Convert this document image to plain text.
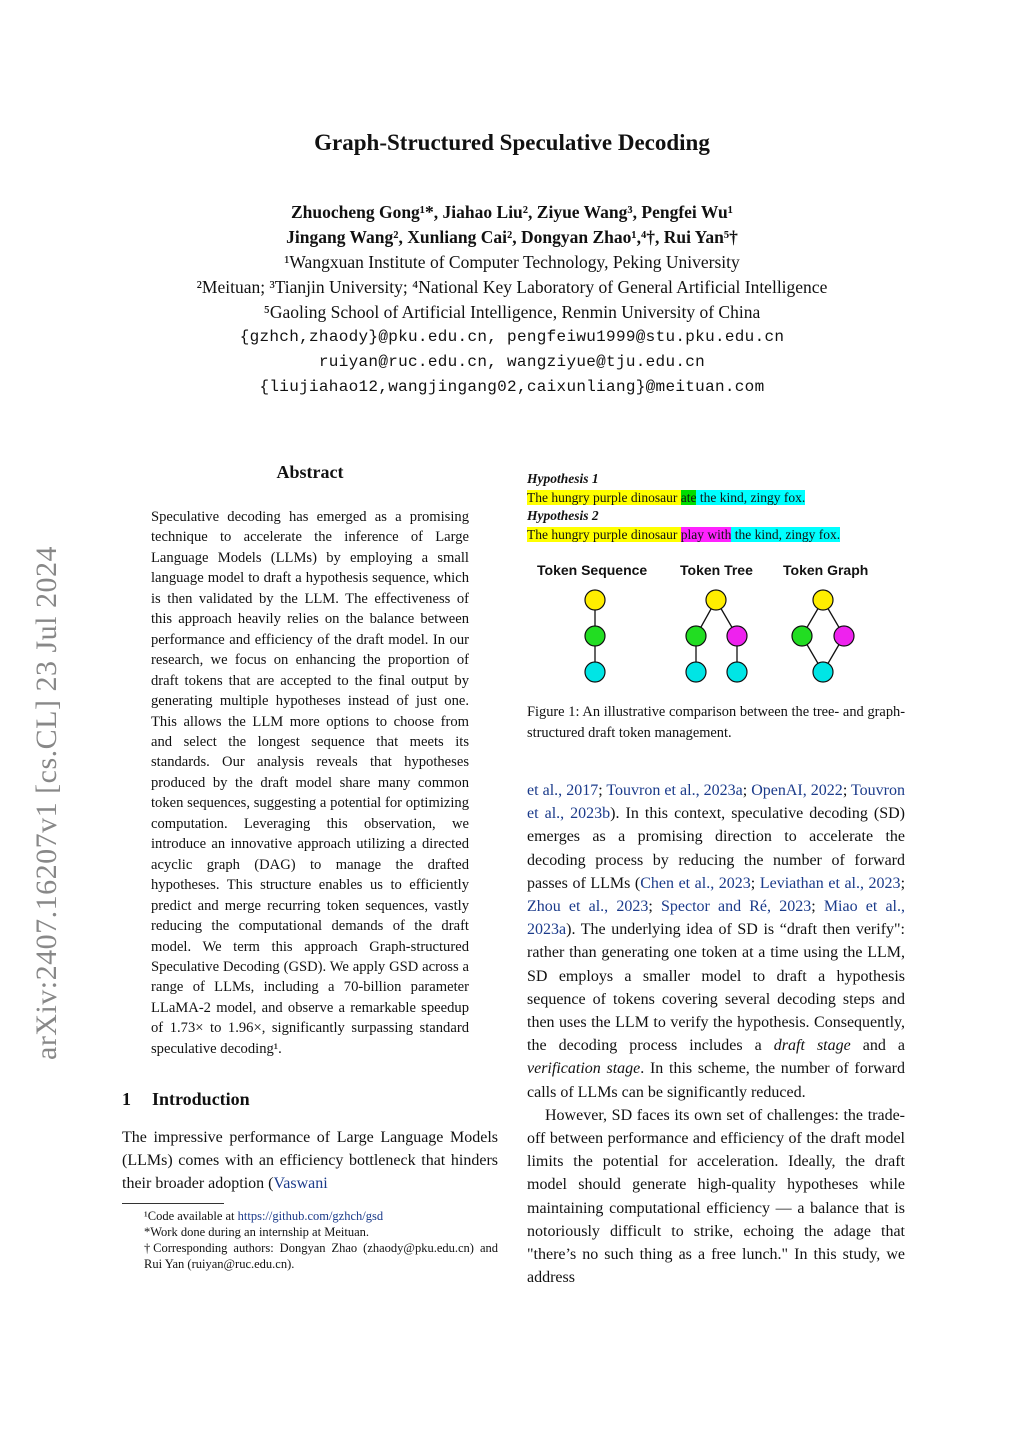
arXiv:2407.16207v1 [cs.CL] 23 Jul 2024
Graph-Structured Speculative Decoding
Zhuocheng Gong¹*, Jiahao Liu², Ziyue Wang³, Pengfei Wu¹
Jingang Wang², Xunliang Cai², Dongyan Zhao¹,⁴†, Rui Yan⁵†
¹Wangxuan Institute of Computer Technology, Peking University
²Meituan; ³Tianjin University; ⁴National Key Laboratory of General Artificial Intelligence
⁵Gaoling School of Artificial Intelligence, Renmin University of China
{gzhch,zhaody}@pku.edu.cn, pengfeiwu1999@stu.pku.edu.cn
ruiyan@ruc.edu.cn, wangziyue@tju.edu.cn
{liujiahao12,wangjingang02,caixunliang}@meituan.com
Abstract
Speculative decoding has emerged as a promising technique to accelerate the inference of Large Language Models (LLMs) by employing a small language model to draft a hypothesis sequence, which is then validated by the LLM. The effectiveness of this approach heavily relies on the balance between performance and efficiency of the draft model. In our research, we focus on enhancing the proportion of draft tokens that are accepted to the final output by generating multiple hypotheses instead of just one. This allows the LLM more options to choose from and select the longest sequence that meets its standards. Our analysis reveals that hypotheses produced by the draft model share many common token sequences, suggesting a potential for optimizing computation. Leveraging this observation, we introduce an innovative approach utilizing a directed acyclic graph (DAG) to manage the drafted hypotheses. This structure enables us to efficiently predict and merge recurring token sequences, vastly reducing the computational demands of the draft model. We term this approach Graph-structured Speculative Decoding (GSD). We apply GSD across a range of LLMs, including a 70-billion parameter LLaMA-2 model, and observe a remarkable speedup of 1.73× to 1.96×, significantly surpassing standard speculative decoding¹.
1 Introduction
The impressive performance of Large Language Models (LLMs) comes with an efficiency bottleneck that hinders their broader adoption (Vaswani

¹Code available at https://github.com/gzhch/gsd

*Work done during an internship at Meituan.

†Corresponding authors: Dongyan Zhao (zhaody@pku.edu.cn) and Rui Yan (ruiyan@ruc.edu.cn).

Hypothesis 1
The hungry purple dinosaur ate the kind, zingy fox.
Hypothesis 2
The hungry purple dinosaur play with the kind, zingy fox.
Token Sequence Token Tree Token Graph
Figure 1: An illustrative comparison between the tree- and graph-structured draft token management.

et al., 2017; Touvron et al., 2023a; OpenAI, 2022; Touvron et al., 2023b). In this context, speculative decoding (SD) emerges as a promising direction to accelerate the decoding process by reducing the number of forward passes of LLMs (Chen et al., 2023; Leviathan et al., 2023; Zhou et al., 2023; Spector and Ré, 2023; Miao et al., 2023a). The underlying idea of SD is “draft then verify": rather than generating one token at a time using the LLM, SD employs a smaller model to draft a hypothesis sequence of tokens covering several decoding steps and then uses the LLM to verify the hypothesis. Consequently, the decoding process includes a draft stage and a verification stage. In this scheme, the number of forward calls of LLMs can be significantly reduced.

However, SD faces its own set of challenges: the trade-off between performance and efficiency of the draft model limits the potential for acceleration. Ideally, the draft model should generate high-quality hypotheses while maintaining computational efficiency — a balance that is notoriously difficult to strike, echoing the adage that "there’s no such thing as a free lunch." In this study, we address
